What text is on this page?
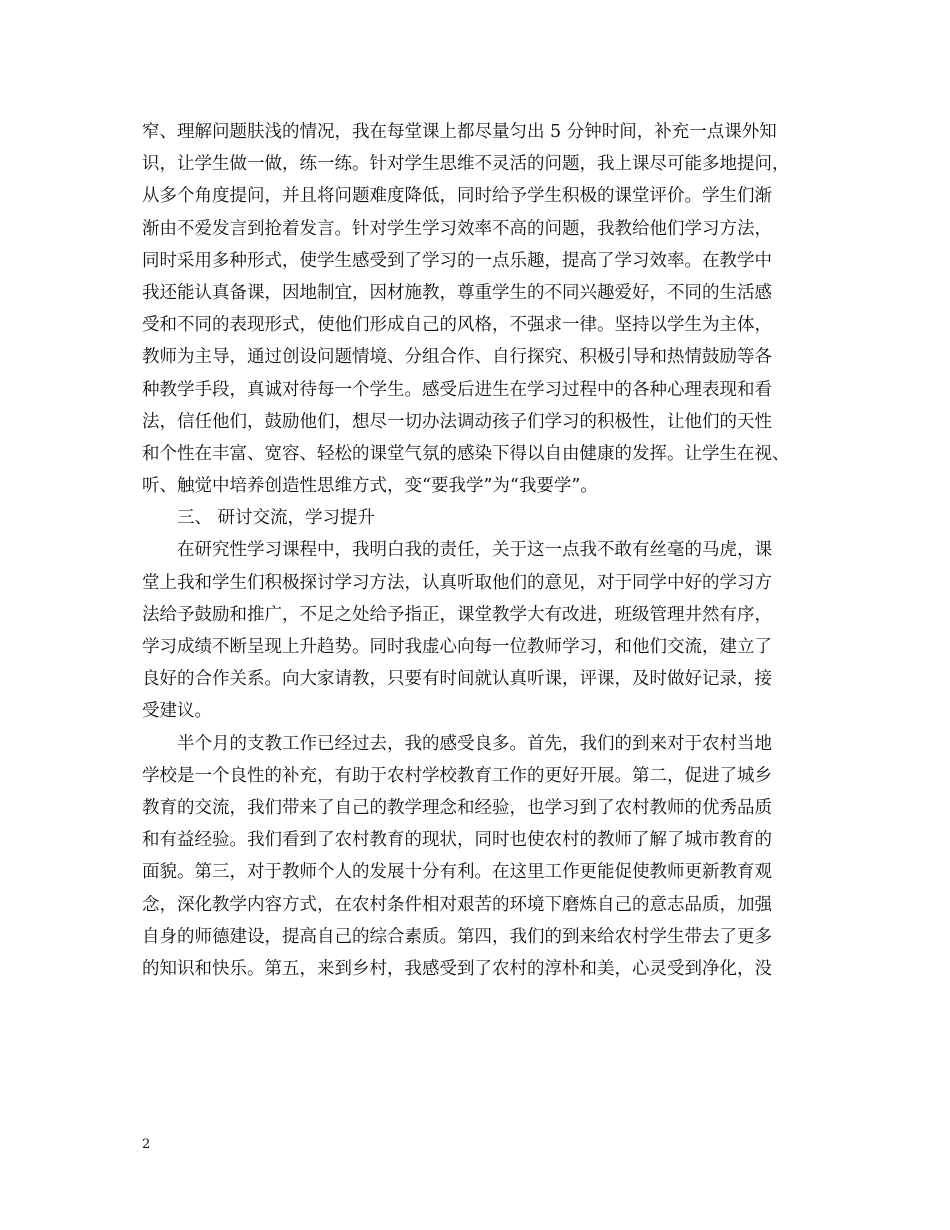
窄、理解问题肤浅的情况，我在每堂课上都尽量匀出 5 分钟时间，补充一点课外知
识，让学生做一做，练一练。针对学生思维不灵活的问题，我上课尽可能多地提问，
从多个角度提问，并且将问题难度降低，同时给予学生积极的课堂评价。学生们渐
渐由不爱发言到抢着发言。针对学生学习效率不高的问题，我教给他们学习方法，
同时采用多种形式，使学生感受到了学习的一点乐趣，提高了学习效率。在教学中
我还能认真备课，因地制宜，因材施教，尊重学生的不同兴趣爱好，不同的生活感
受和不同的表现形式，使他们形成自己的风格，不强求一律。坚持以学生为主体，
教师为主导，通过创设问题情境、分组合作、自行探究、积极引导和热情鼓励等各
种教学手段，真诚对待每一个学生。感受后进生在学习过程中的各种心理表现和看
法，信任他们，鼓励他们，想尽一切办法调动孩子们学习的积极性，让他们的天性
和个性在丰富、宽容、轻松的课堂气氛的感染下得以自由健康的发挥。让学生在视、
听、触觉中培养创造性思维方式，变“要我学”为“我要学”。
三、 研讨交流，学习提升
在研究性学习课程中，我明白我的责任，关于这一点我不敢有丝毫的马虎，课
堂上我和学生们积极探讨学习方法，认真听取他们的意见，对于同学中好的学习方
法给予鼓励和推广，不足之处给予指正，课堂教学大有改进，班级管理井然有序，
学习成绩不断呈现上升趋势。同时我虚心向每一位教师学习，和他们交流，建立了
良好的合作关系。向大家请教，只要有时间就认真听课，评课，及时做好记录，接
受建议。
半个月的支教工作已经过去，我的感受良多。首先，我们的到来对于农村当地
学校是一个良性的补充，有助于农村学校教育工作的更好开展。第二，促进了城乡
教育的交流，我们带来了自己的教学理念和经验，也学习到了农村教师的优秀品质
和有益经验。我们看到了农村教育的现状，同时也使农村的教师了解了城市教育的
面貌。第三，对于教师个人的发展十分有利。在这里工作更能促使教师更新教育观
念，深化教学内容方式，在农村条件相对艰苦的环境下磨炼自己的意志品质，加强
自身的师德建设，提高自己的综合素质。第四，我们的到来给农村学生带去了更多
的知识和快乐。第五，来到乡村，我感受到了农村的淳朴和美，心灵受到净化，没
2
